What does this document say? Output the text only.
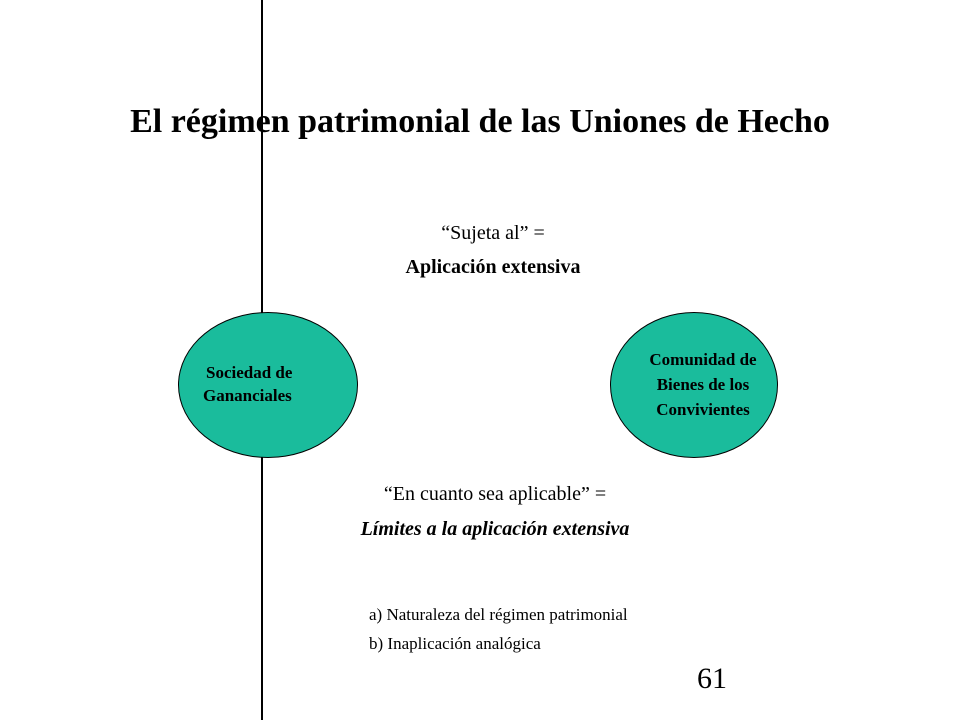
El régimen patrimonial de las Uniones de Hecho
“Sujeta al” =
Aplicación extensiva
Sociedad de
Gananciales
Comunidad de
Bienes de los
Convivientes
“En cuanto sea aplicable” =
Límites a la aplicación extensiva
a) Naturaleza del régimen patrimonial
b) Inaplicación analógica
61
